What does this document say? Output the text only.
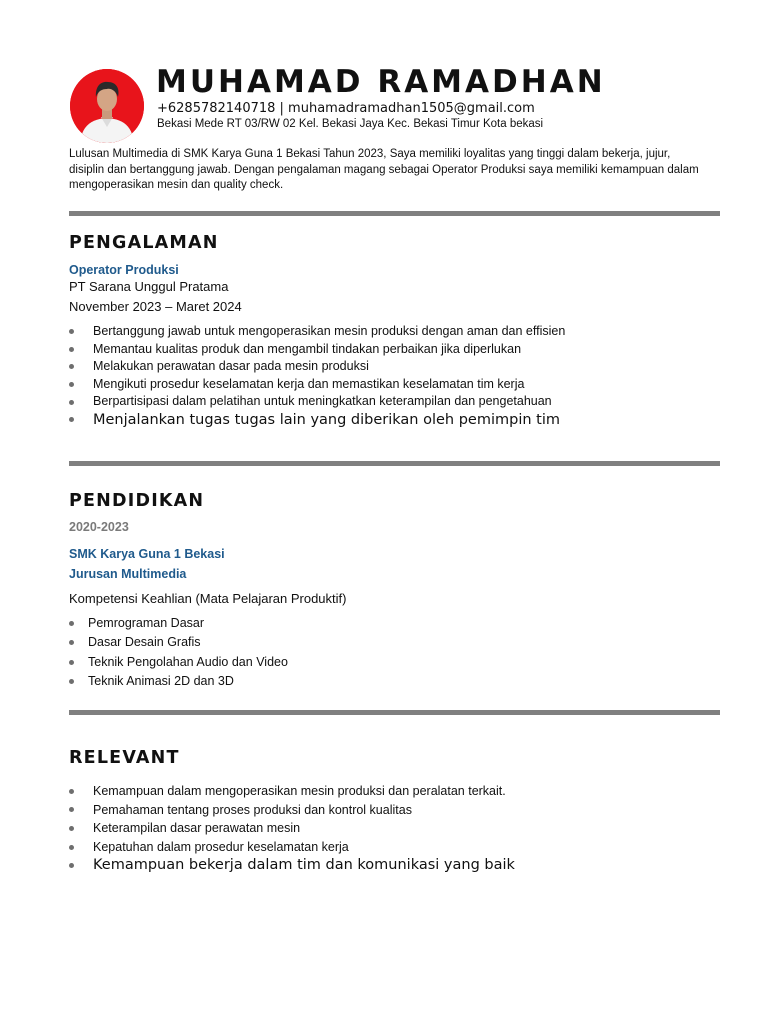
MUHAMAD RAMADHAN
+6285782140718 | muhamadramadhan1505@gmail.com
Bekasi Mede RT 03/RW 02 Kel. Bekasi Jaya Kec. Bekasi Timur Kota bekasi
Lulusan Multimedia di SMK Karya Guna 1 Bekasi Tahun 2023, Saya memiliki loyalitas yang tinggi dalam bekerja, jujur, disiplin dan bertanggung jawab. Dengan pengalaman magang sebagai Operator Produksi saya memiliki kemampuan dalam mengoperasikan mesin dan quality check.
PENGALAMAN
Operator Produksi
PT Sarana Unggul Pratama
November 2023 – Maret 2024
Bertanggung jawab untuk mengoperasikan mesin produksi dengan aman dan effisien
Memantau kualitas produk dan mengambil tindakan perbaikan jika diperlukan
Melakukan perawatan dasar pada mesin produksi
Mengikuti prosedur keselamatan kerja dan memastikan keselamatan tim kerja
Berpartisipasi dalam pelatihan untuk meningkatkan keterampilan dan pengetahuan
Menjalankan tugas tugas lain yang diberikan oleh pemimpin tim
PENDIDIKAN
2020-2023
SMK Karya Guna 1 Bekasi
Jurusan Multimedia
Kompetensi Keahlian (Mata Pelajaran Produktif)
Pemrograman Dasar
Dasar Desain Grafis
Teknik Pengolahan Audio dan Video
Teknik Animasi 2D dan 3D
RELEVANT
Kemampuan dalam mengoperasikan mesin produksi dan peralatan terkait.
Pemahaman tentang proses produksi dan kontrol kualitas
Keterampilan dasar perawatan mesin
Kepatuhan dalam prosedur keselamatan kerja
Kemampuan bekerja dalam tim dan komunikasi yang baik
